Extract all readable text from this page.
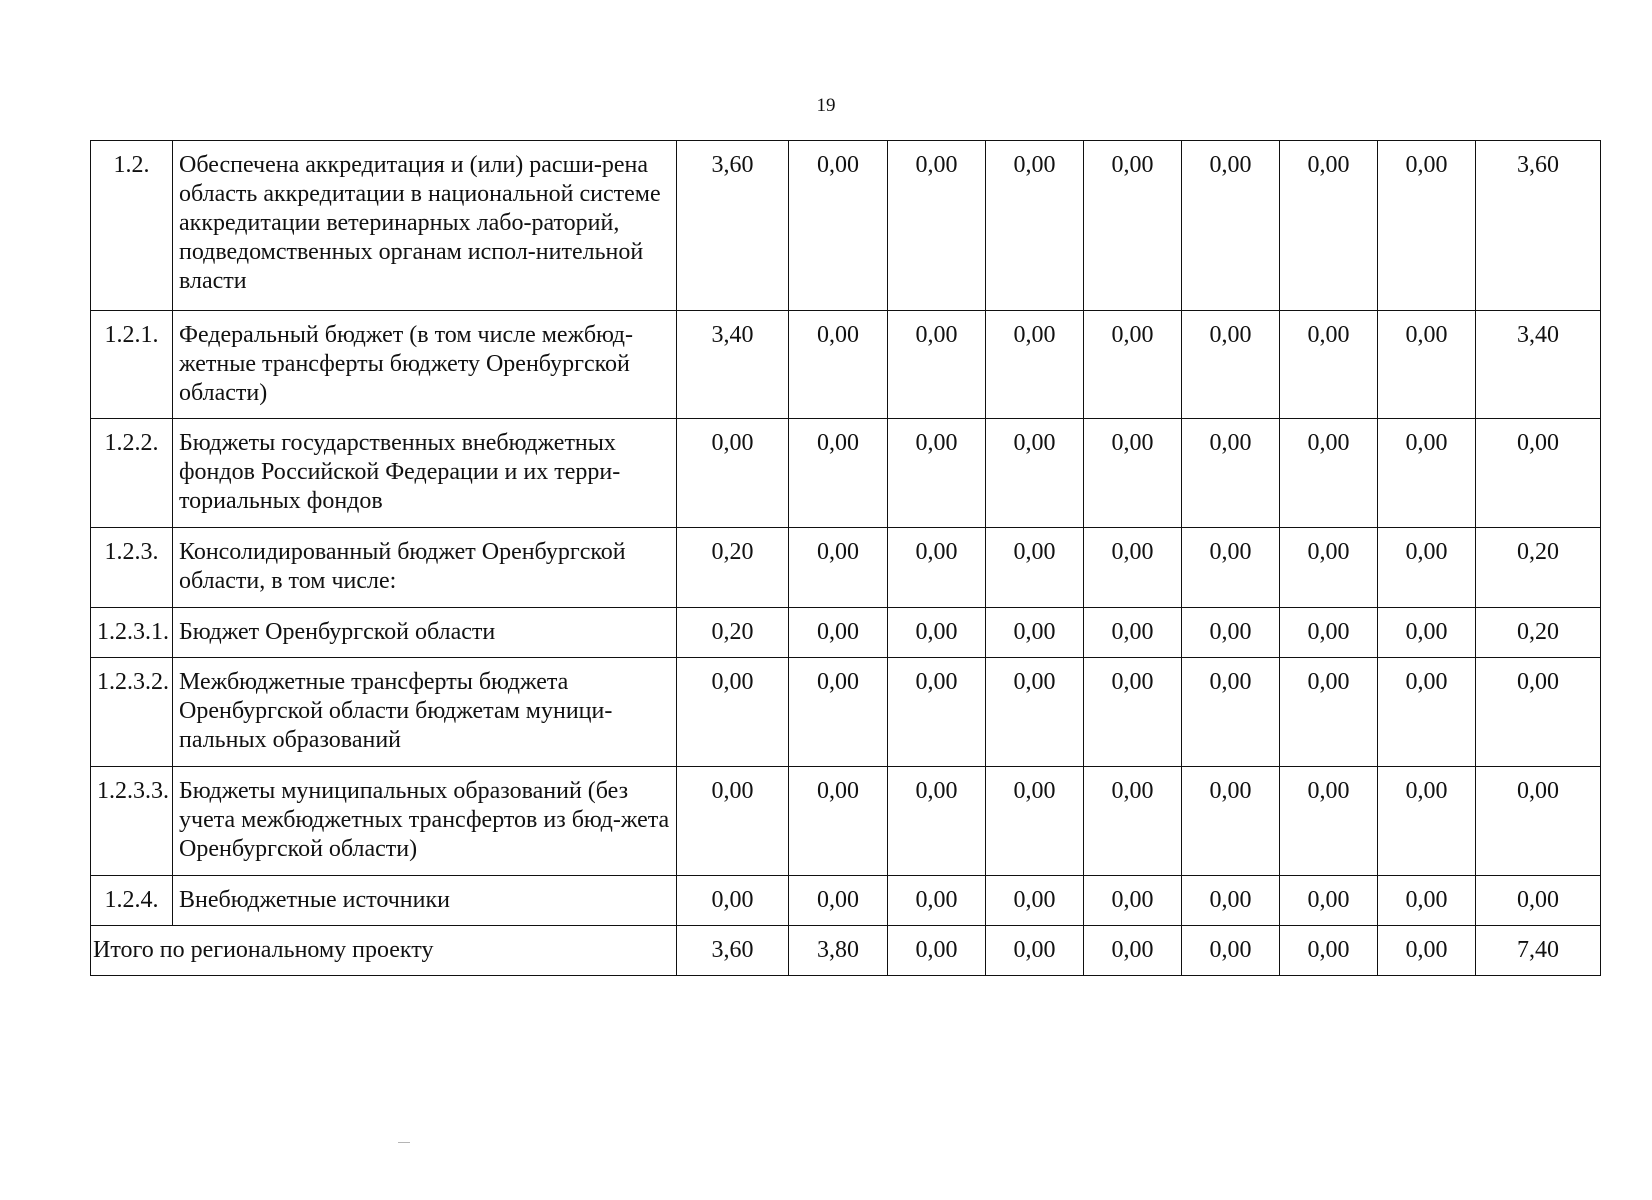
19
1.2.	Обеспечена аккредитация и (или) расши-рена область аккредитации в национальной системе аккредитации ветеринарных лабо-раторий, подведомственных органам испол-нительной власти	3,60	0,00	0,00	0,00	0,00	0,00	0,00	0,00	3,60
1.2.1.	Федеральный бюджет (в том числе межбюд-жетные трансферты бюджету Оренбургской области)	3,40	0,00	0,00	0,00	0,00	0,00	0,00	0,00	3,40
1.2.2.	Бюджеты государственных внебюджетных фондов Российской Федерации и их терри-ториальных фондов	0,00	0,00	0,00	0,00	0,00	0,00	0,00	0,00	0,00
1.2.3.	Консолидированный бюджет Оренбургской области, в том числе:	0,20	0,00	0,00	0,00	0,00	0,00	0,00	0,00	0,20
1.2.3.1.	Бюджет Оренбургской области	0,20	0,00	0,00	0,00	0,00	0,00	0,00	0,00	0,20
1.2.3.2.	Межбюджетные трансферты бюджета Оренбургской области бюджетам муници-пальных образований	0,00	0,00	0,00	0,00	0,00	0,00	0,00	0,00	0,00
1.2.3.3.	Бюджеты муниципальных образований (без учета межбюджетных трансфертов из бюд-жета Оренбургской области)	0,00	0,00	0,00	0,00	0,00	0,00	0,00	0,00	0,00
1.2.4.	Внебюджетные источники	0,00	0,00	0,00	0,00	0,00	0,00	0,00	0,00	0,00
Итого по региональному проекту		3,60	3,80	0,00	0,00	0,00	0,00	0,00	0,00	7,40
